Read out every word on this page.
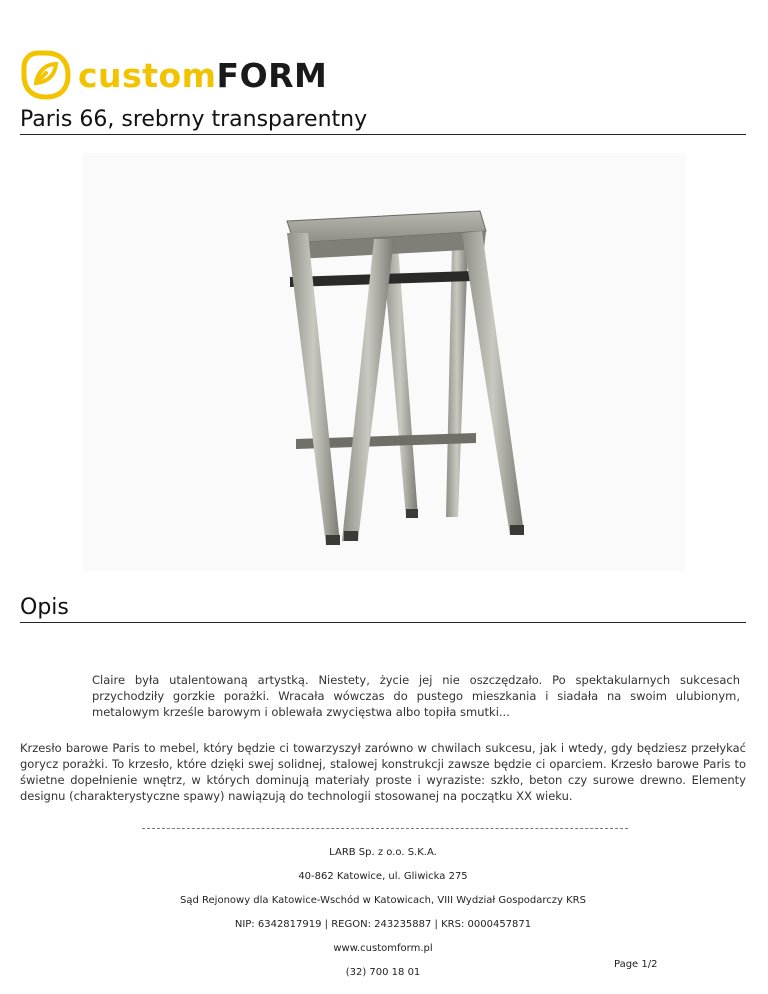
customFORM
Paris 66, srebrny transparentny
Opis
Claire była utalentowaną artystką. Niestety, życie jej nie oszczędzało. Po spektakularnych sukcesach przychodziły gorzkie porażki. Wracała wówczas do pustego mieszkania i siadała na swoim ulubionym, metalowym krześle barowym i oblewała zwycięstwa albo topiła smutki...
Krzesło barowe Paris to mebel, który będzie ci towarzyszył zarówno w chwilach sukcesu, jak i wtedy, gdy będziesz przełykać gorycz porażki. To krzesło, które dzięki swej solidnej, stalowej konstrukcji zawsze będzie ci oparciem. Krzesło barowe Paris to świetne dopełnienie wnętrz, w których dominują materiały proste i wyraziste: szkło, beton czy surowe drewno. Elementy designu (charakterystyczne spawy) nawiązują do technologii stosowanej na początku XX wieku.
LARB Sp. z o.o. S.K.A.
40-862 Katowice, ul. Gliwicka 275
Sąd Rejonowy dla Katowice-Wschód w Katowicach, VIII Wydział Gospodarczy KRS
NIP: 6342817919 | REGON: 243235887 | KRS: 0000457871
www.customform.pl
(32) 700 18 01
Page 1/2
